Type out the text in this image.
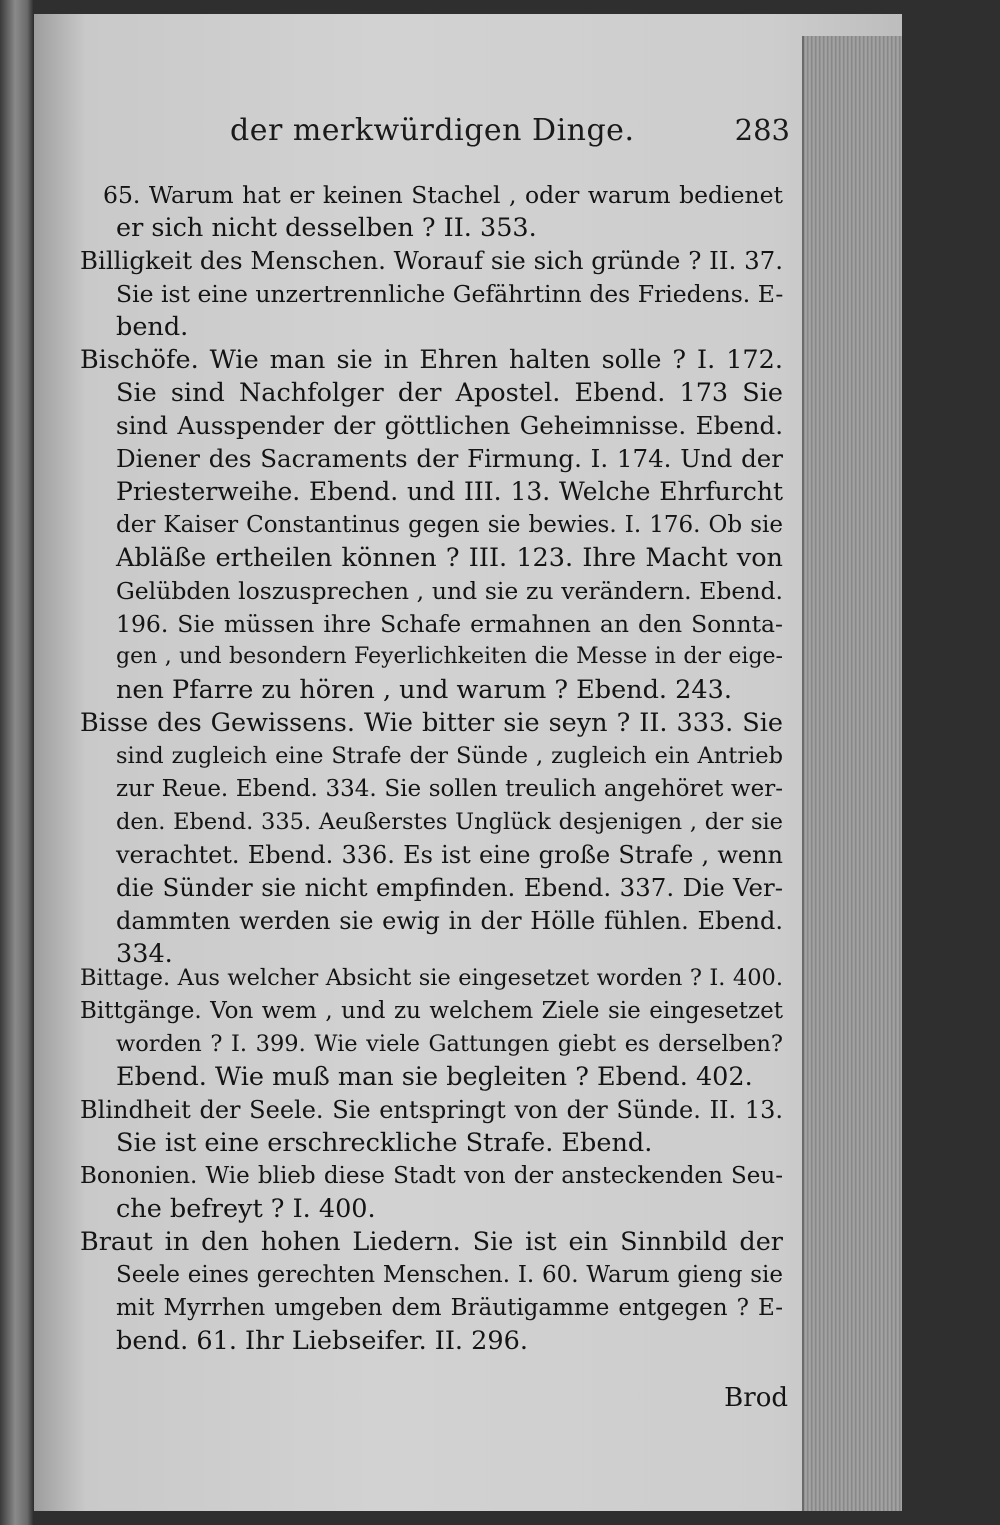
der merkwürdigen Dinge.	283
65. Warum hat er keinen Stachel , oder warum bedienet
er sich nicht desselben ? II. 353.
Billigkeit des Menschen. Worauf sie sich gründe ? II. 37.
Sie ist eine unzertrennliche Gefährtinn des Friedens. E-
bend.
Bischöfe. Wie man sie in Ehren halten solle ? I. 172.
Sie sind Nachfolger der Apostel. Ebend. 173 Sie
sind Ausspender der göttlichen Geheimnisse. Ebend.
Diener des Sacraments der Firmung. I. 174. Und der
Priesterweihe. Ebend. und III. 13. Welche Ehrfurcht
der Kaiser Constantinus gegen sie bewies. I. 176. Ob sie
Abläße ertheilen können ? III. 123. Ihre Macht von
Gelübden loszusprechen , und sie zu verändern. Ebend.
196. Sie müssen ihre Schafe ermahnen an den Sonnta-
gen , und besondern Feyerlichkeiten die Messe in der eige-
nen Pfarre zu hören , und warum ? Ebend. 243.
Bisse des Gewissens. Wie bitter sie seyn ? II. 333. Sie
sind zugleich eine Strafe der Sünde , zugleich ein Antrieb
zur Reue. Ebend. 334. Sie sollen treulich angehöret wer-
den. Ebend. 335. Aeußerstes Unglück desjenigen , der sie
verachtet. Ebend. 336. Es ist eine große Strafe , wenn
die Sünder sie nicht empfinden. Ebend. 337. Die Ver-
dammten werden sie ewig in der Hölle fühlen. Ebend.
334.
Bittage. Aus welcher Absicht sie eingesetzet worden ? I. 400.
Bittgänge. Von wem , und zu welchem Ziele sie eingesetzet
worden ? I. 399. Wie viele Gattungen giebt es derselben?
Ebend. Wie muß man sie begleiten ? Ebend. 402.
Blindheit der Seele. Sie entspringt von der Sünde. II. 13.
Sie ist eine erschreckliche Strafe. Ebend.
Bononien. Wie blieb diese Stadt von der ansteckenden Seu-
che befreyt ? I. 400.
Braut in den hohen Liedern. Sie ist ein Sinnbild der
Seele eines gerechten Menschen. I. 60. Warum gieng sie
mit Myrrhen umgeben dem Bräutigamme entgegen ? E-
bend. 61. Ihr Liebseifer. II. 296.
Brod
